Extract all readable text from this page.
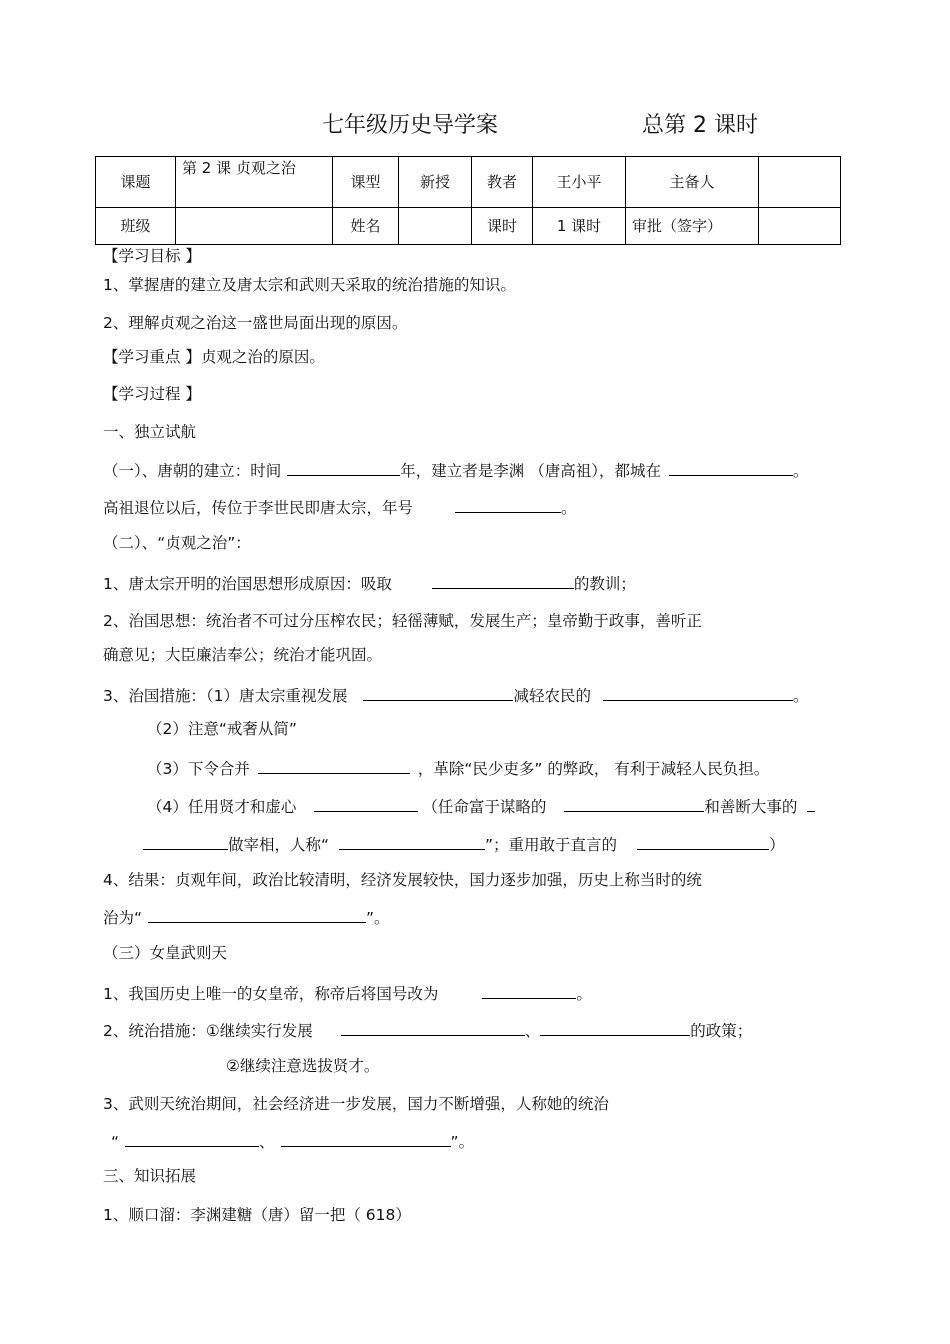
七年级历史导学案	总第 2 课时
课题	第 2 课 贞观之治	课型	新授	教者	王小平	主备人	
班级		姓名		课时	1 课时	审批（签字）	
【学习目标 】
1、掌握唐的建立及唐太宗和武则天采取的统治措施的知识。
2、理解贞观之治这一盛世局面出现的原因。
【学习重点 】贞观之治的原因。
【学习过程 】
一、独立试航
（一）、唐朝的建立：时间	年，建立者是李渊 （唐高祖），都城在	。
高祖退位以后，传位于李世民即唐太宗，年号	。
（二）、“贞观之治”：
1、唐太宗开明的治国思想形成原因：吸取	的教训；
2、治国思想：统治者不可过分压榨农民；轻徭薄赋，发展生产；皇帝勤于政事，善听正
确意见；大臣廉洁奉公；统治才能巩固。
3、治国措施：（1）唐太宗重视发展	减轻农民的	。
（2）注意“戒奢从简”
（3）下令合并	，革除“民少吏多” 的弊政， 有利于减轻人民负担。
（4）任用贤才和虚心	（任命富于谋略的	和善断大事的
做宰相，人称“	”；重用敢于直言的	）
4、结果：贞观年间，政治比较清明，经济发展较快，国力逐步加强，历史上称当时的统
治为“	”。
（三）女皇武则天
1、我国历史上唯一的女皇帝，称帝后将国号改为	。
2、统治措施：①继续实行发展	、	的政策；
②继续注意选拔贤才。
3、武则天统治期间，社会经济进一步发展，国力不断增强，人称她的统治
“	、	”。
三、知识拓展
1、顺口溜：李渊建糖（唐）留一把（ 618）
